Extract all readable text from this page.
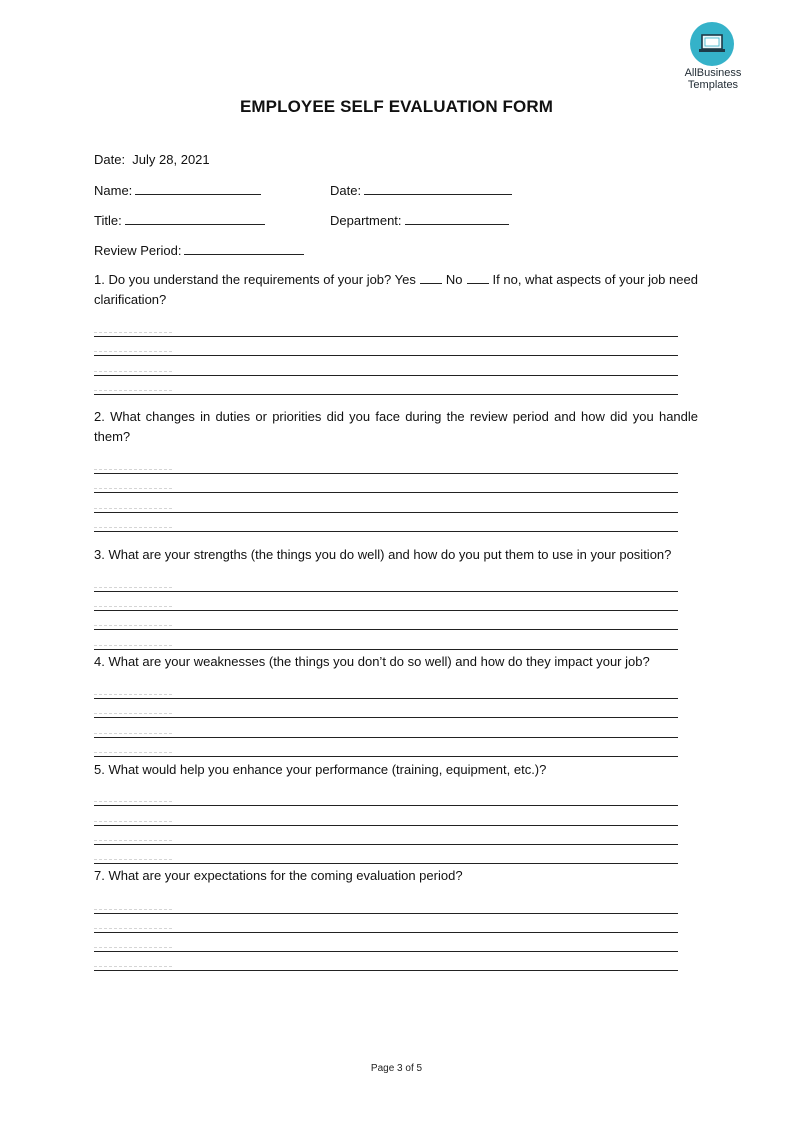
AllBusiness
Templates
EMPLOYEE SELF EVALUATION FORM
Date:  July 28, 2021
Name:	Date:
Title:	Department:
Review Period:
1. Do you understand the requirements of your job? Yes No If no, what aspects of your job need clarification?
2. What changes in duties or priorities did you face during the review period and how did you handle them?
3. What are your strengths (the things you do well) and how do you put them to use in your position?
4. What are your weaknesses (the things you don’t do so well) and how do they impact your job?
5. What would help you enhance your performance (training, equipment, etc.)?
7. What are your expectations for the coming evaluation period?
Page 3 of 5
